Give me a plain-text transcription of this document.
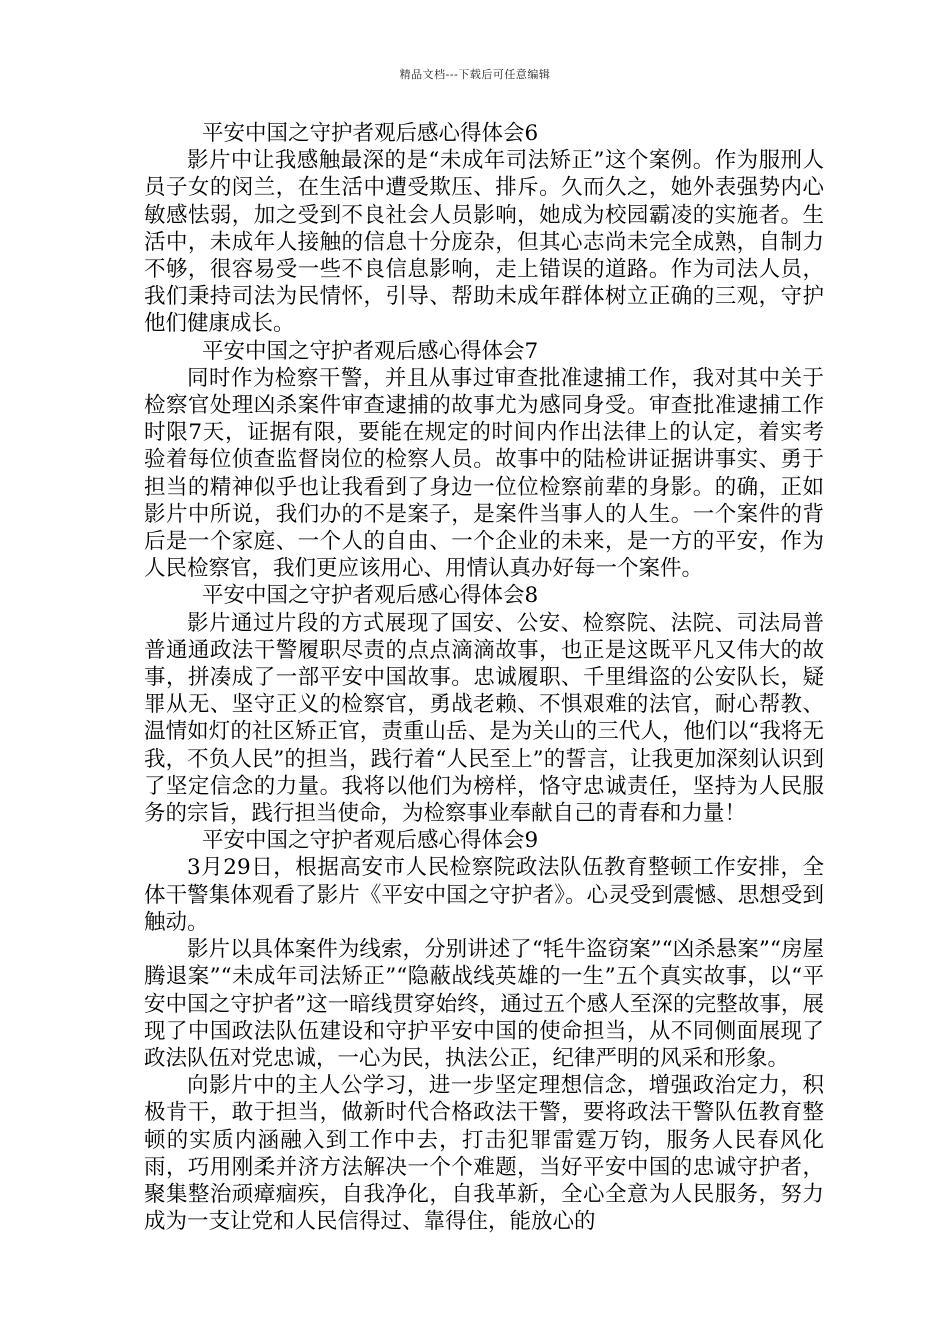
精品文档---下载后可任意编辑

平安中国之守护者观后感心得体会6

影片中让我感触最深的是“未成年司法矫正”这个案例。作为服刑人员子女的闵兰，在生活中遭受欺压、排斥。久而久之，她外表强势内心敏感怯弱，加之受到不良社会人员影响，她成为校园霸凌的实施者。生活中，未成年人接触的信息十分庞杂，但其心志尚未完全成熟，自制力不够，很容易受一些不良信息影响，走上错误的道路。作为司法人员，我们秉持司法为民情怀，引导、帮助未成年群体树立正确的三观，守护他们健康成长。

平安中国之守护者观后感心得体会7

同时作为检察干警，并且从事过审查批准逮捕工作，我对其中关于检察官处理凶杀案件审查逮捕的故事尤为感同身受。审查批准逮捕工作时限7天，证据有限，要能在规定的时间内作出法律上的认定，着实考验着每位侦查监督岗位的检察人员。故事中的陆检讲证据讲事实、勇于担当的精神似乎也让我看到了身边一位位检察前辈的身影。的确，正如影片中所说，我们办的不是案子，是案件当事人的人生。一个案件的背后是一个家庭、一个人的自由、一个企业的未来，是一方的平安，作为人民检察官，我们更应该用心、用情认真办好每一个案件。

平安中国之守护者观后感心得体会8

影片通过片段的方式展现了国安、公安、检察院、法院、司法局普普通通政法干警履职尽责的点点滴滴故事，也正是这既平凡又伟大的故事，拼凑成了一部平安中国故事。忠诚履职、千里缉盗的公安队长，疑罪从无、坚守正义的检察官，勇战老赖、不惧艰难的法官，耐心帮教、温情如灯的社区矫正官，责重山岳、是为关山的三代人，他们以“我将无我，不负人民”的担当，践行着“人民至上”的誓言，让我更加深刻认识到了坚定信念的力量。我将以他们为榜样，恪守忠诚责任，坚持为人民服务的宗旨，践行担当使命，为检察事业奉献自己的青春和力量！

平安中国之守护者观后感心得体会9

3月29日，根据高安市人民检察院政法队伍教育整顿工作安排，全体干警集体观看了影片《平安中国之守护者》。心灵受到震憾、思想受到触动。

影片以具体案件为线索，分别讲述了“牦牛盗窃案”“凶杀悬案”“房屋腾退案”“未成年司法矫正”“隐蔽战线英雄的一生”五个真实故事，以“平安中国之守护者”这一暗线贯穿始终，通过五个感人至深的完整故事，展现了中国政法队伍建设和守护平安中国的使命担当，从不同侧面展现了政法队伍对党忠诚，一心为民，执法公正，纪律严明的风采和形象。

向影片中的主人公学习，进一步坚定理想信念，增强政治定力，积极肯干，敢于担当，做新时代合格政法干警，要将政法干警队伍教育整顿的实质内涵融入到工作中去，打击犯罪雷霆万钧，服务人民春风化雨，巧用刚柔并济方法解决一个个难题，当好平安中国的忠诚守护者，聚集整治顽瘴痼疾，自我净化，自我革新，全心全意为人民服务，努力成为一支让党和人民信得过、靠得住，能放心的
